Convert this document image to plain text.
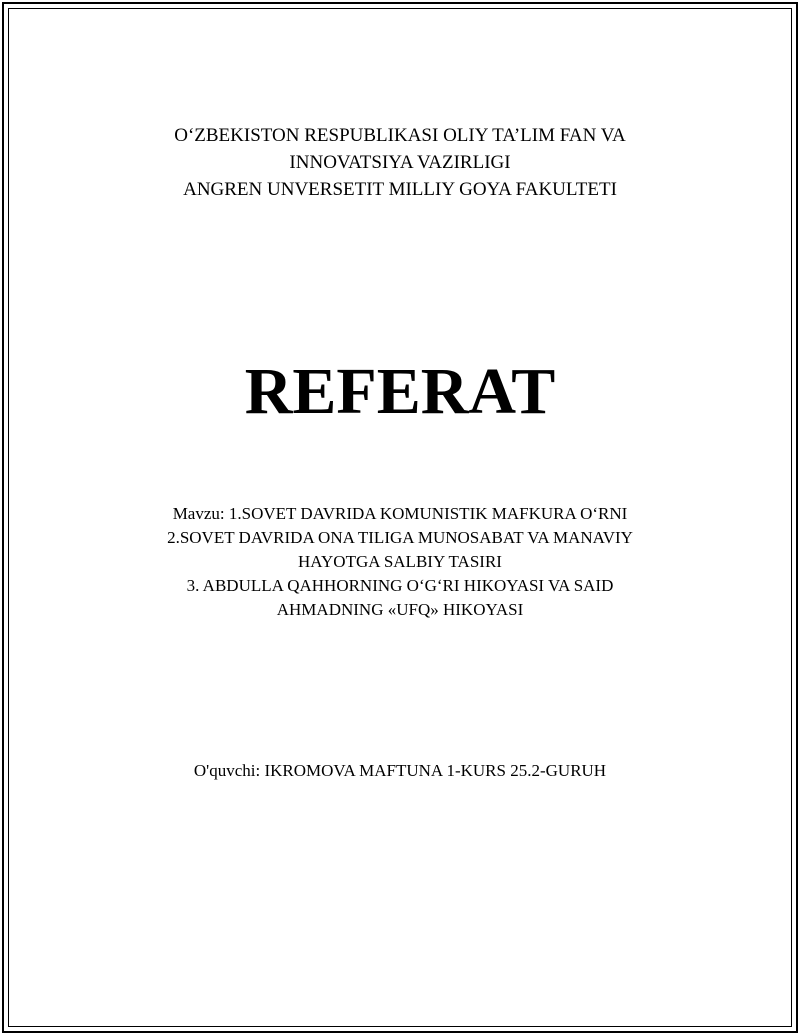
O‘ZBEKISTON RESPUBLIKASI OLIY TA’LIM FAN VA
INNOVATSIYA VAZIRLIGI
ANGREN UNVERSETIT MILLIY GOYA FAKULTETI
REFERAT
Mavzu: 1.SOVET DAVRIDA KOMUNISTIK MAFKURA O‘RNI
2.SOVET DAVRIDA ONA TILIGA MUNOSABAT VA MANAVIY
HAYOTGA SALBIY TASIRI
3. ABDULLA QAHHORNING O‘G‘RI HIKOYASI VA SAID
AHMADNING «UFQ» HIKOYASI
O'quvchi: IKROMOVA MAFTUNA 1-KURS 25.2-GURUH
